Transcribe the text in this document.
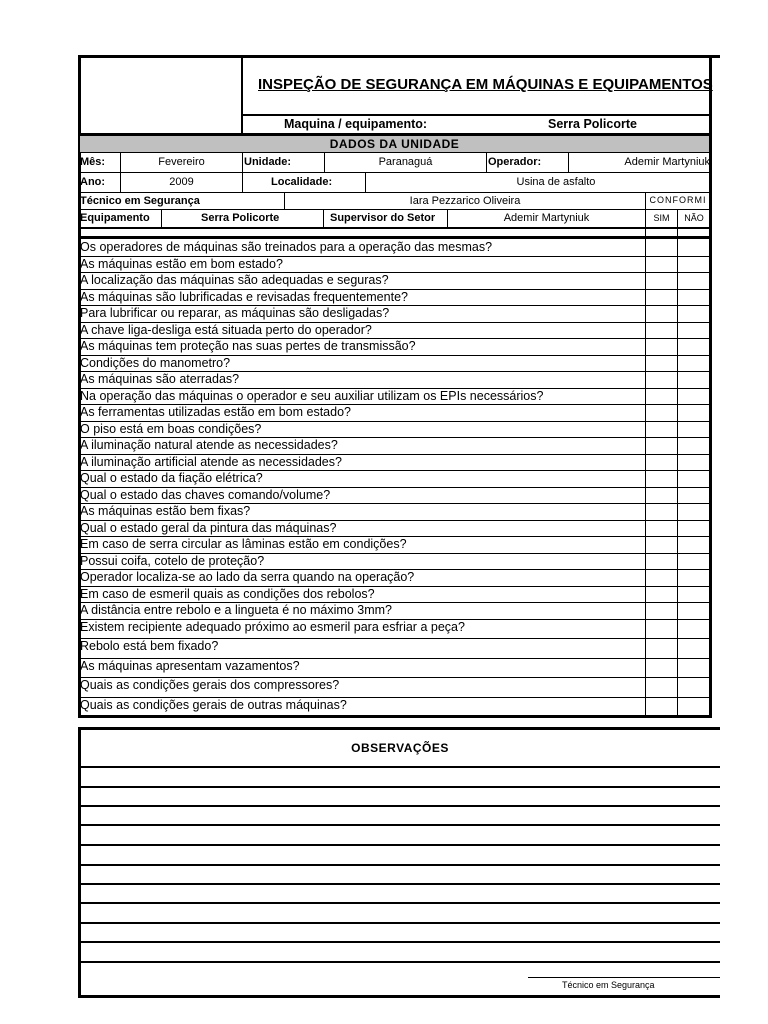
INSPEÇÃO DE SEGURANÇA EM MÁQUINAS E EQUIPAMENTOS
Maquina / equipamento:	Serra Policorte
DADOS DA UNIDADE
Mês:	Fevereiro	Unidade:	Paranaguá	Operador:	Ademir Martyniuk
Ano:	2009	Localidade:	Usina de asfalto
Técnico em Segurança	Iara Pezzarico Oliveira	CONFORMI
Equipamento	Serra Policorte	Supervisor do Setor	Ademir Martyniuk	SIM	NÃO
Os operadores de máquinas são treinados para a operação das mesmas?
As máquinas estão em bom estado?
A localização das máquinas são adequadas e seguras?
As máquinas são lubrificadas e revisadas frequentemente?
Para lubrificar ou reparar, as máquinas são desligadas?
A chave liga-desliga está situada perto do operador?
As máquinas tem proteção nas suas pertes de transmissão?
Condições do manometro?
As máquinas são aterradas?
Na operação das máquinas o operador e seu auxiliar utilizam os EPIs necessários?
As ferramentas utilizadas estão em bom estado?
O piso está em boas condições?
A iluminação natural atende as necessidades?
A iluminação artificial atende as necessidades?
Qual o estado da fiação elétrica?
Qual o estado das chaves comando/volume?
As máquinas estão bem fixas?
Qual o estado geral da pintura das máquinas?
Em caso de serra circular as lâminas estão em condições?
Possui coifa, cotelo de proteção?
Operador localiza-se ao lado da serra quando na operação?
Em caso de esmeril quais as condições dos rebolos?
A distância entre rebolo e a lingueta é no máximo 3mm?
Existem recipiente adequado próximo ao esmeril para esfriar a peça?
Rebolo está bem fixado?
As máquinas apresentam vazamentos?
Quais as condições gerais dos compressores?
Quais as condições gerais de outras máquinas?
OBSERVAÇÕES
Técnico em Segurança
